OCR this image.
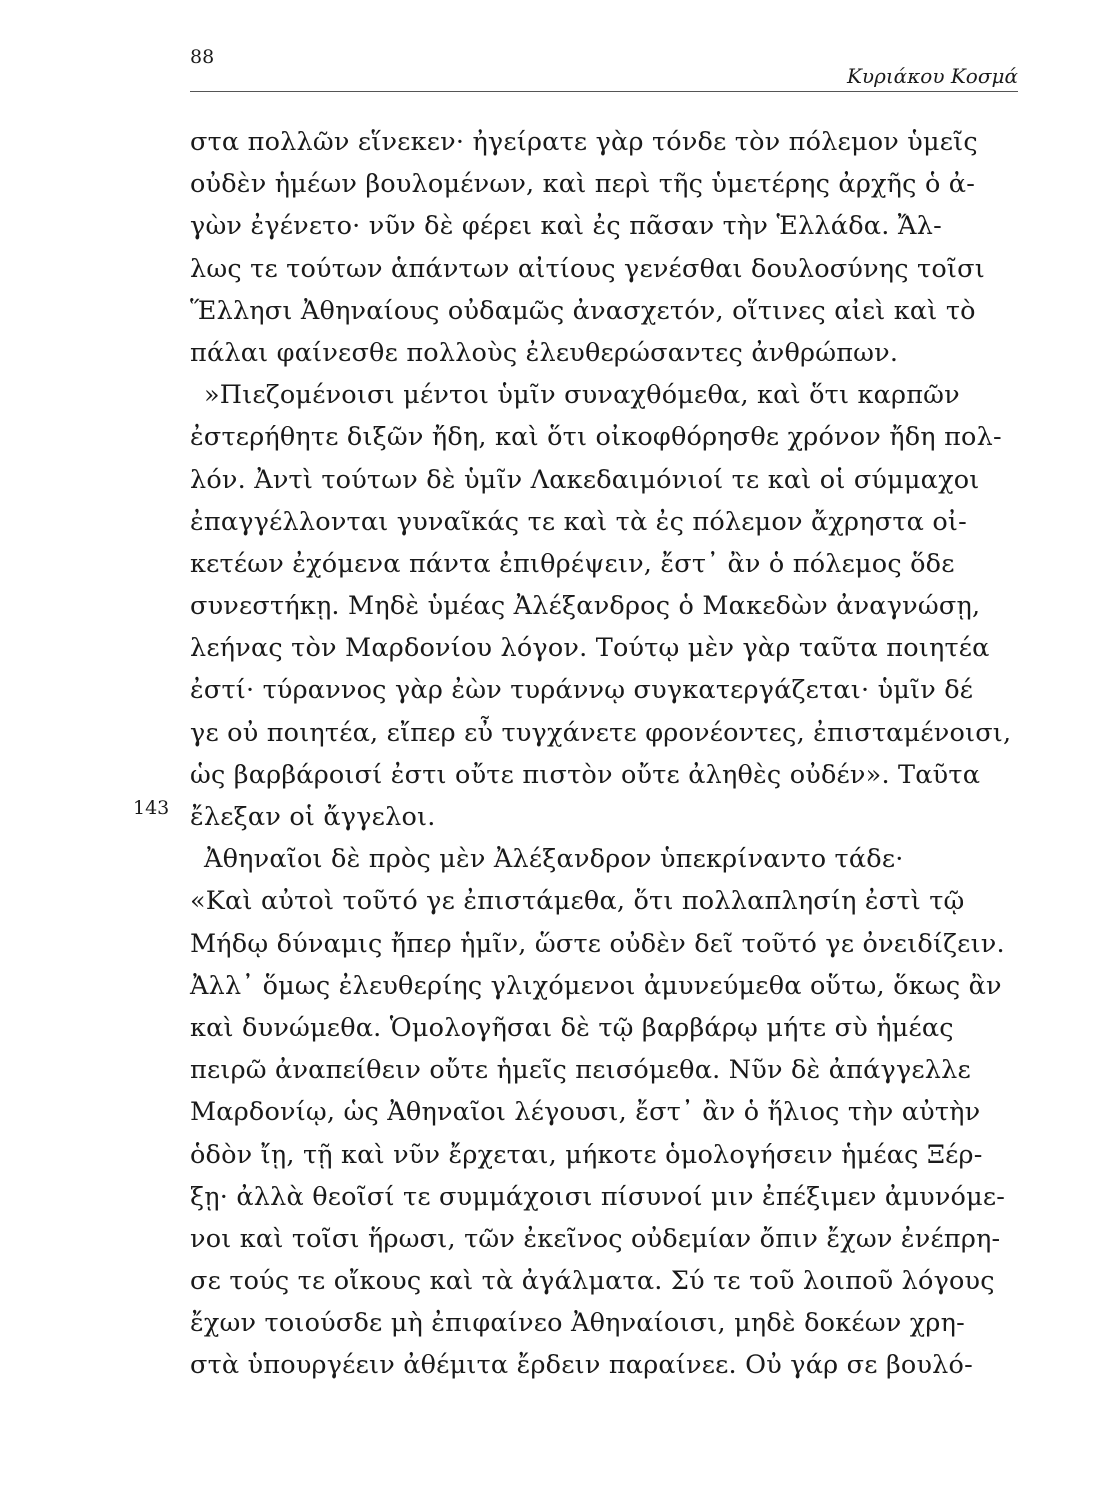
88
Κυριάκου Κοσμά
143
στα πολλῶν εἵνεκεν· ἠγείρατε γὰρ τόνδε τὸν πόλεμον ὑμεῖς
οὐδὲν ἡμέων βουλομένων, καὶ περὶ τῆς ὑμετέρης ἀρχῆς ὁ ἀ-
γὼν ἐγένετο· νῦν δὲ φέρει καὶ ἐς πᾶσαν τὴν Ἑλλάδα. Ἄλ-
λως τε τούτων ἁπάντων αἰτίους γενέσθαι δουλοσύνης τοῖσι
Ἕλλησι Ἀθηναίους οὐδαμῶς ἀνασχετόν, οἵτινες αἰεὶ καὶ τὸ
πάλαι φαίνεσθε πολλοὺς ἐλευθερώσαντες ἀνθρώπων.
»Πιεζομένοισι μέντοι ὑμῖν συναχθόμεθα, καὶ ὅτι καρπῶν
ἐστερήθητε διξῶν ἤδη, καὶ ὅτι οἰκοφθόρησθε χρόνον ἤδη πολ-
λόν. Ἀντὶ τούτων δὲ ὑμῖν Λακεδαιμόνιοί τε καὶ οἱ σύμμαχοι
ἐπαγγέλλονται γυναῖκάς τε καὶ τὰ ἐς πόλεμον ἄχρηστα οἰ-
κετέων ἐχόμενα πάντα ἐπιθρέψειν, ἔστ᾽ ἂν ὁ πόλεμος ὅδε
συνεστήκῃ. Μηδὲ ὑμέας Ἀλέξανδρος ὁ Μακεδὼν ἀναγνώσῃ,
λεήνας τὸν Μαρδονίου λόγον. Τούτῳ μὲν γὰρ ταῦτα ποιητέα
ἐστί· τύραννος γὰρ ἐὼν τυράννῳ συγκατεργάζεται· ὑμῖν δέ
γε οὐ ποιητέα, εἴπερ εὖ τυγχάνετε φρονέοντες, ἐπισταμένοισι,
ὡς βαρβάροισί ἐστι οὔτε πιστὸν οὔτε ἀληθὲς οὐδέν». Ταῦτα
ἔλεξαν οἱ ἄγγελοι.
Ἀθηναῖοι δὲ πρὸς μὲν Ἀλέξανδρον ὑπεκρίναντο τάδε·
«Καὶ αὐτοὶ τοῦτό γε ἐπιστάμεθα, ὅτι πολλαπλησίη ἐστὶ τῷ
Μήδῳ δύναμις ἤπερ ἡμῖν, ὥστε οὐδὲν δεῖ τοῦτό γε ὀνειδίζειν.
Ἀλλ᾽ ὅμως ἐλευθερίης γλιχόμενοι ἀμυνεύμεθα οὕτω, ὅκως ἂν
καὶ δυνώμεθα. Ὁμολογῆσαι δὲ τῷ βαρβάρῳ μήτε σὺ ἡμέας
πειρῶ ἀναπείθειν οὔτε ἡμεῖς πεισόμεθα. Νῦν δὲ ἀπάγγελλε
Μαρδονίῳ, ὡς Ἀθηναῖοι λέγουσι, ἔστ᾽ ἂν ὁ ἥλιος τὴν αὐτὴν
ὁδὸν ἴῃ, τῇ καὶ νῦν ἔρχεται, μήκοτε ὁμολογήσειν ἡμέας Ξέρ-
ξῃ· ἀλλὰ θεοῖσί τε συμμάχοισι πίσυνοί μιν ἐπέξιμεν ἀμυνόμε-
νοι καὶ τοῖσι ἥρωσι, τῶν ἐκεῖνος οὐδεμίαν ὄπιν ἔχων ἐνέπρη-
σε τούς τε οἴκους καὶ τὰ ἀγάλματα. Σύ τε τοῦ λοιποῦ λόγους
ἔχων τοιούσδε μὴ ἐπιφαίνεο Ἀθηναίοισι, μηδὲ δοκέων χρη-
στὰ ὑπουργέειν ἀθέμιτα ἔρδειν παραίνεε. Οὐ γάρ σε βουλό-
